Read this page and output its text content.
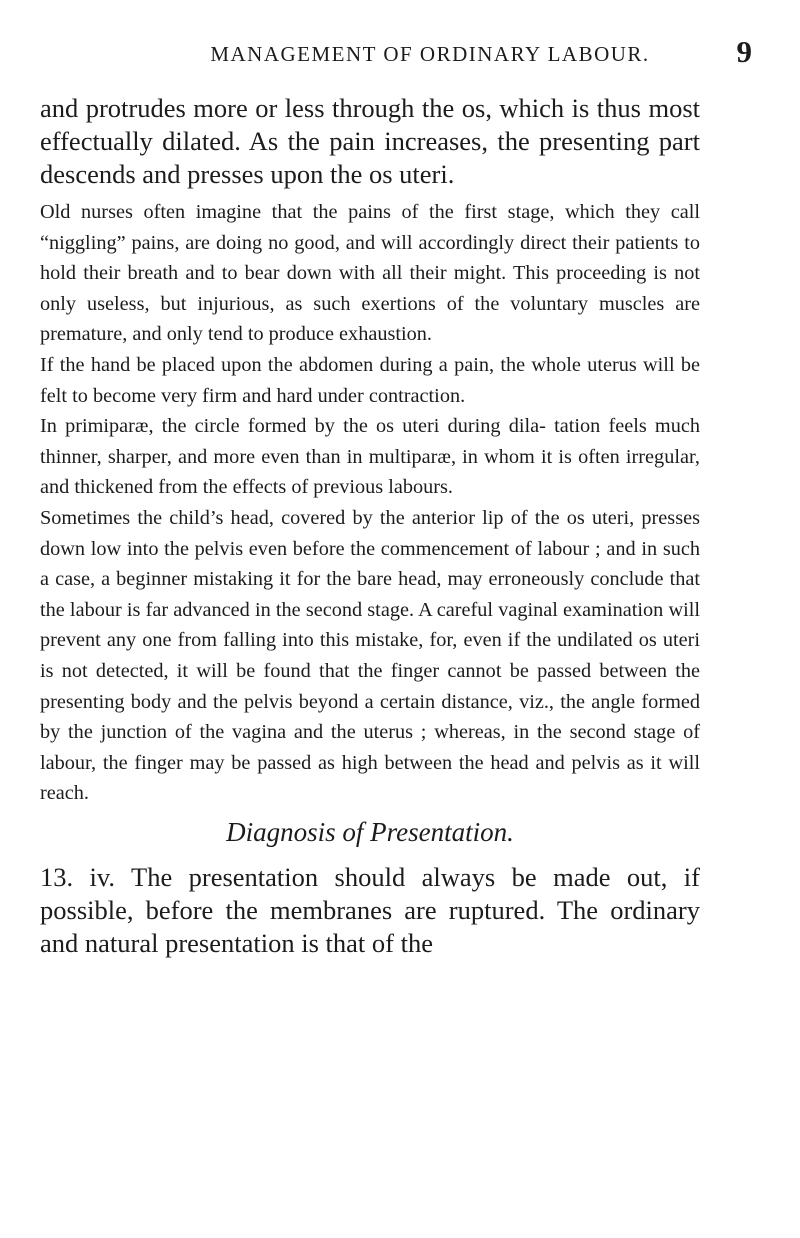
MANAGEMENT OF ORDINARY LABOUR.	9

and protrudes more or less through the os, which is thus most effectually dilated. As the pain increases, the presenting part descends and presses upon the os uteri.

Old nurses often imagine that the pains of the first stage, which they call “niggling” pains, are doing no good, and will accordingly direct their patients to hold their breath and to bear down with all their might. This proceeding is not only useless, but injurious, as such exertions of the voluntary muscles are premature, and only tend to produce exhaustion.

If the hand be placed upon the abdomen during a pain, the whole uterus will be felt to become very firm and hard under contraction.

In primiparæ, the circle formed by the os uteri during dila- tation feels much thinner, sharper, and more even than in multiparæ, in whom it is often irregular, and thickened from the effects of previous labours.

Sometimes the child’s head, covered by the anterior lip of the os uteri, presses down low into the pelvis even before the commencement of labour ; and in such a case, a beginner mistaking it for the bare head, may erroneously conclude that the labour is far advanced in the second stage. A careful vaginal examination will prevent any one from falling into this mistake, for, even if the undilated os uteri is not detected, it will be found that the finger cannot be passed between the presenting body and the pelvis beyond a certain distance, viz., the angle formed by the junction of the vagina and the uterus ; whereas, in the second stage of labour, the finger may be passed as high between the head and pelvis as it will reach.

Diagnosis of Presentation.

13. iv. The presentation should always be made out, if possible, before the membranes are ruptured. The ordinary and natural presentation is that of the
